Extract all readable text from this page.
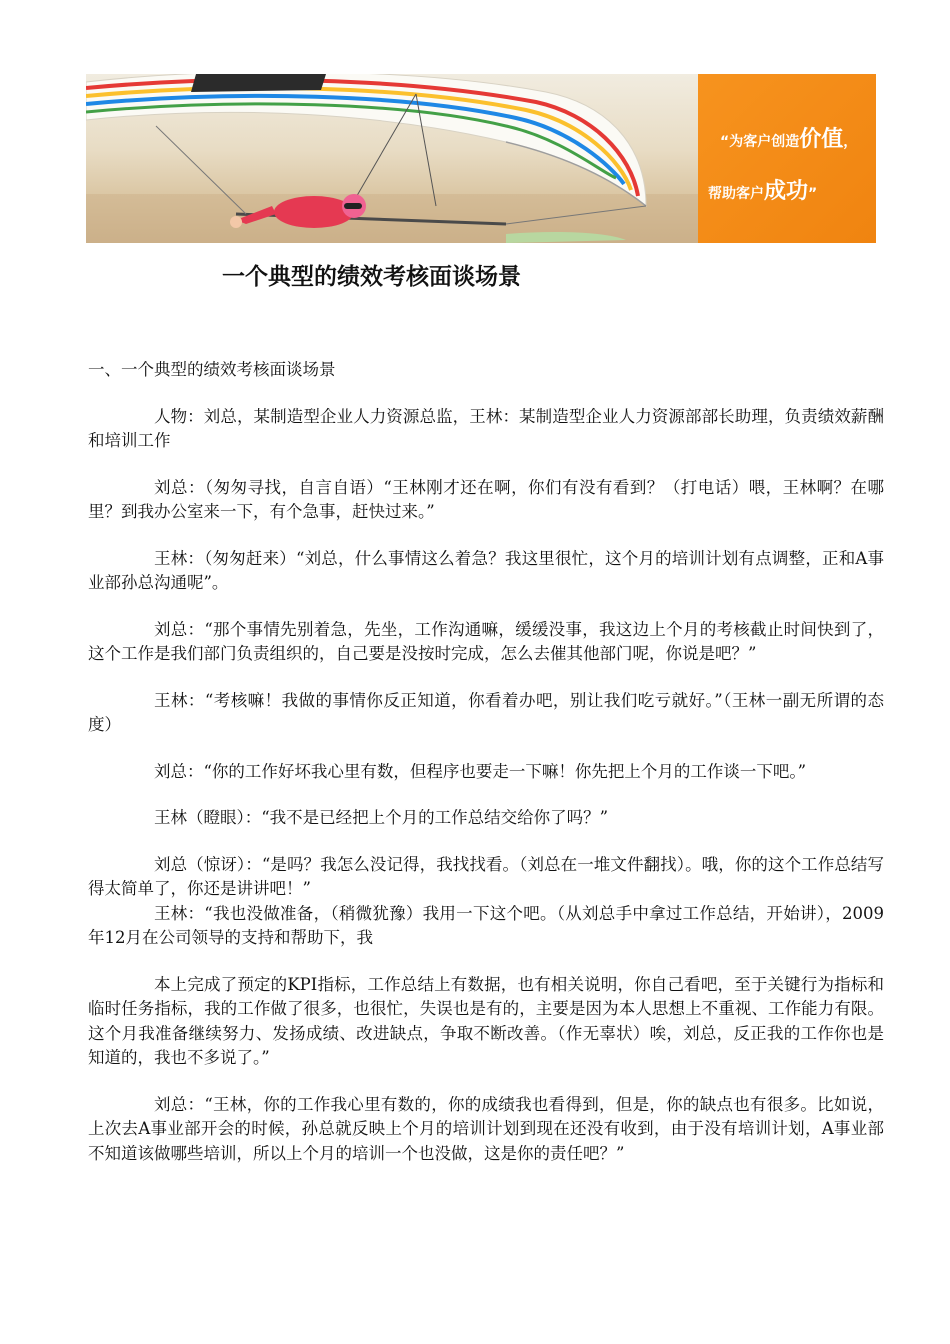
“为客户创造价值，
帮助客户成功”
一个典型的绩效考核面谈场景

一、一个典型的绩效考核面谈场景

人物：刘总，某制造型企业人力资源总监，王林：某制造型企业人力资源部部长助理，负责绩效薪酬和培训工作

刘总：（匆匆寻找，自言自语）“王林刚才还在啊，你们有没有看到？（打电话）喂，王林啊？在哪里？到我办公室来一下，有个急事，赶快过来。”

王林：（匆匆赶来）“刘总，什么事情这么着急？我这里很忙，这个月的培训计划有点调整，正和A事业部孙总沟通呢”。

刘总：“那个事情先别着急，先坐，工作沟通嘛，缓缓没事，我这边上个月的考核截止时间快到了，这个工作是我们部门负责组织的，自己要是没按时完成，怎么去催其他部门呢，你说是吧？”

王林：“考核嘛！我做的事情你反正知道，你看着办吧，别让我们吃亏就好。”（王林一副无所谓的态度）

刘总：“你的工作好坏我心里有数，但程序也要走一下嘛！你先把上个月的工作谈一下吧。”

王林（瞪眼）：“我不是已经把上个月的工作总结交给你了吗？”

刘总（惊讶）：“是吗？我怎么没记得，我找找看。（刘总在一堆文件翻找）。哦，你的这个工作总结写得太简单了，你还是讲讲吧！”

王林：“我也没做准备，（稍微犹豫）我用一下这个吧。（从刘总手中拿过工作总结，开始讲），2009年12月在公司领导的支持和帮助下，我

本上完成了预定的KPI指标，工作总结上有数据，也有相关说明，你自己看吧，至于关键行为指标和临时任务指标，我的工作做了很多，也很忙，失误也是有的，主要是因为本人思想上不重视、工作能力有限。这个月我准备继续努力、发扬成绩、改进缺点，争取不断改善。（作无辜状）唉，刘总，反正我的工作你也是知道的，我也不多说了。”

刘总：“王林，你的工作我心里有数的，你的成绩我也看得到，但是，你的缺点也有很多。比如说，上次去A事业部开会的时候，孙总就反映上个月的培训计划到现在还没有收到，由于没有培训计划，A事业部不知道该做哪些培训，所以上个月的培训一个也没做，这是你的责任吧？”
